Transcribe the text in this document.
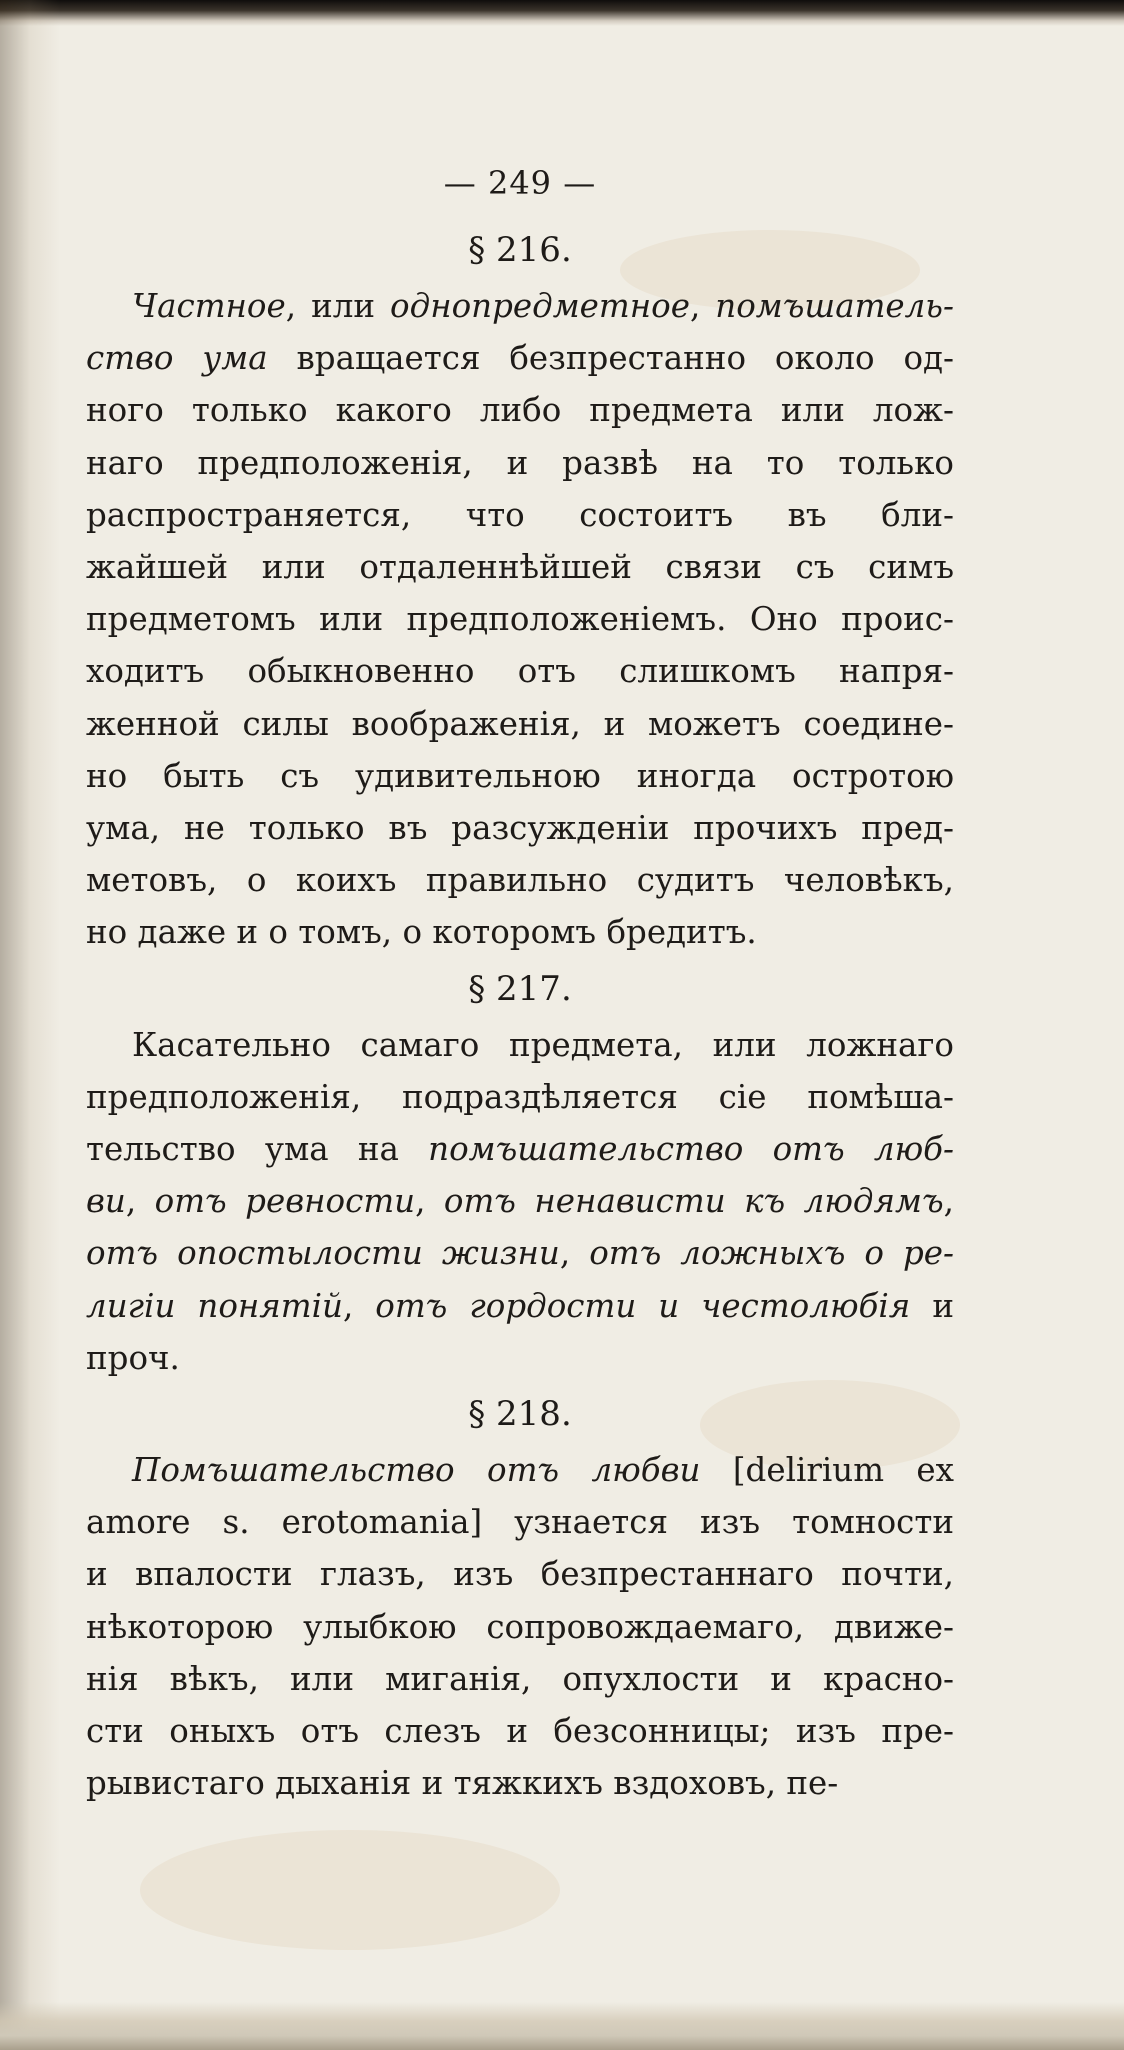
— 249 —
§ 216.
Частное, или однопредметное, помъшатель-
ство ума вращается безпрестанно около од-
ного только какого либо предмета или лож-
наго предположенія, и развѣ на то только
распространяется, что состоитъ въ бли-
жайшей или отдаленнѣйшей связи съ симъ
предметомъ или предположеніемъ. Оно проис-
ходитъ обыкновенно отъ слишкомъ напря-
женной силы воображенія, и можетъ соедине-
но быть съ удивительною иногда остротою
ума, не только въ разсужденіи прочихъ пред-
метовъ, о коихъ правильно судитъ человѣкъ,
но даже и о томъ, о которомъ бредитъ.
§ 217.
Касательно самаго предмета, или ложнаго
предположенія, подраздѣляется сіе помѣша-
тельство ума на помъшательство отъ люб-
ви, отъ ревности, отъ ненависти къ людямъ,
отъ опостылости жизни, отъ ложныхъ о ре-
лигіи понятій, отъ гордости и честолюбія и
проч.
§ 218.
Помъшательство отъ любви [delirium ex
amore s. erotomania] узнается изъ томности
и впалости глазъ, изъ безпрестаннаго почти,
нѣкоторою улыбкою сопровождаемаго, движе-
нія вѣкъ, или миганія, опухлости и красно-
сти оныхъ отъ слезъ и безсонницы; изъ пре-
рывистаго дыханія и тяжкихъ вздоховъ, пе-
